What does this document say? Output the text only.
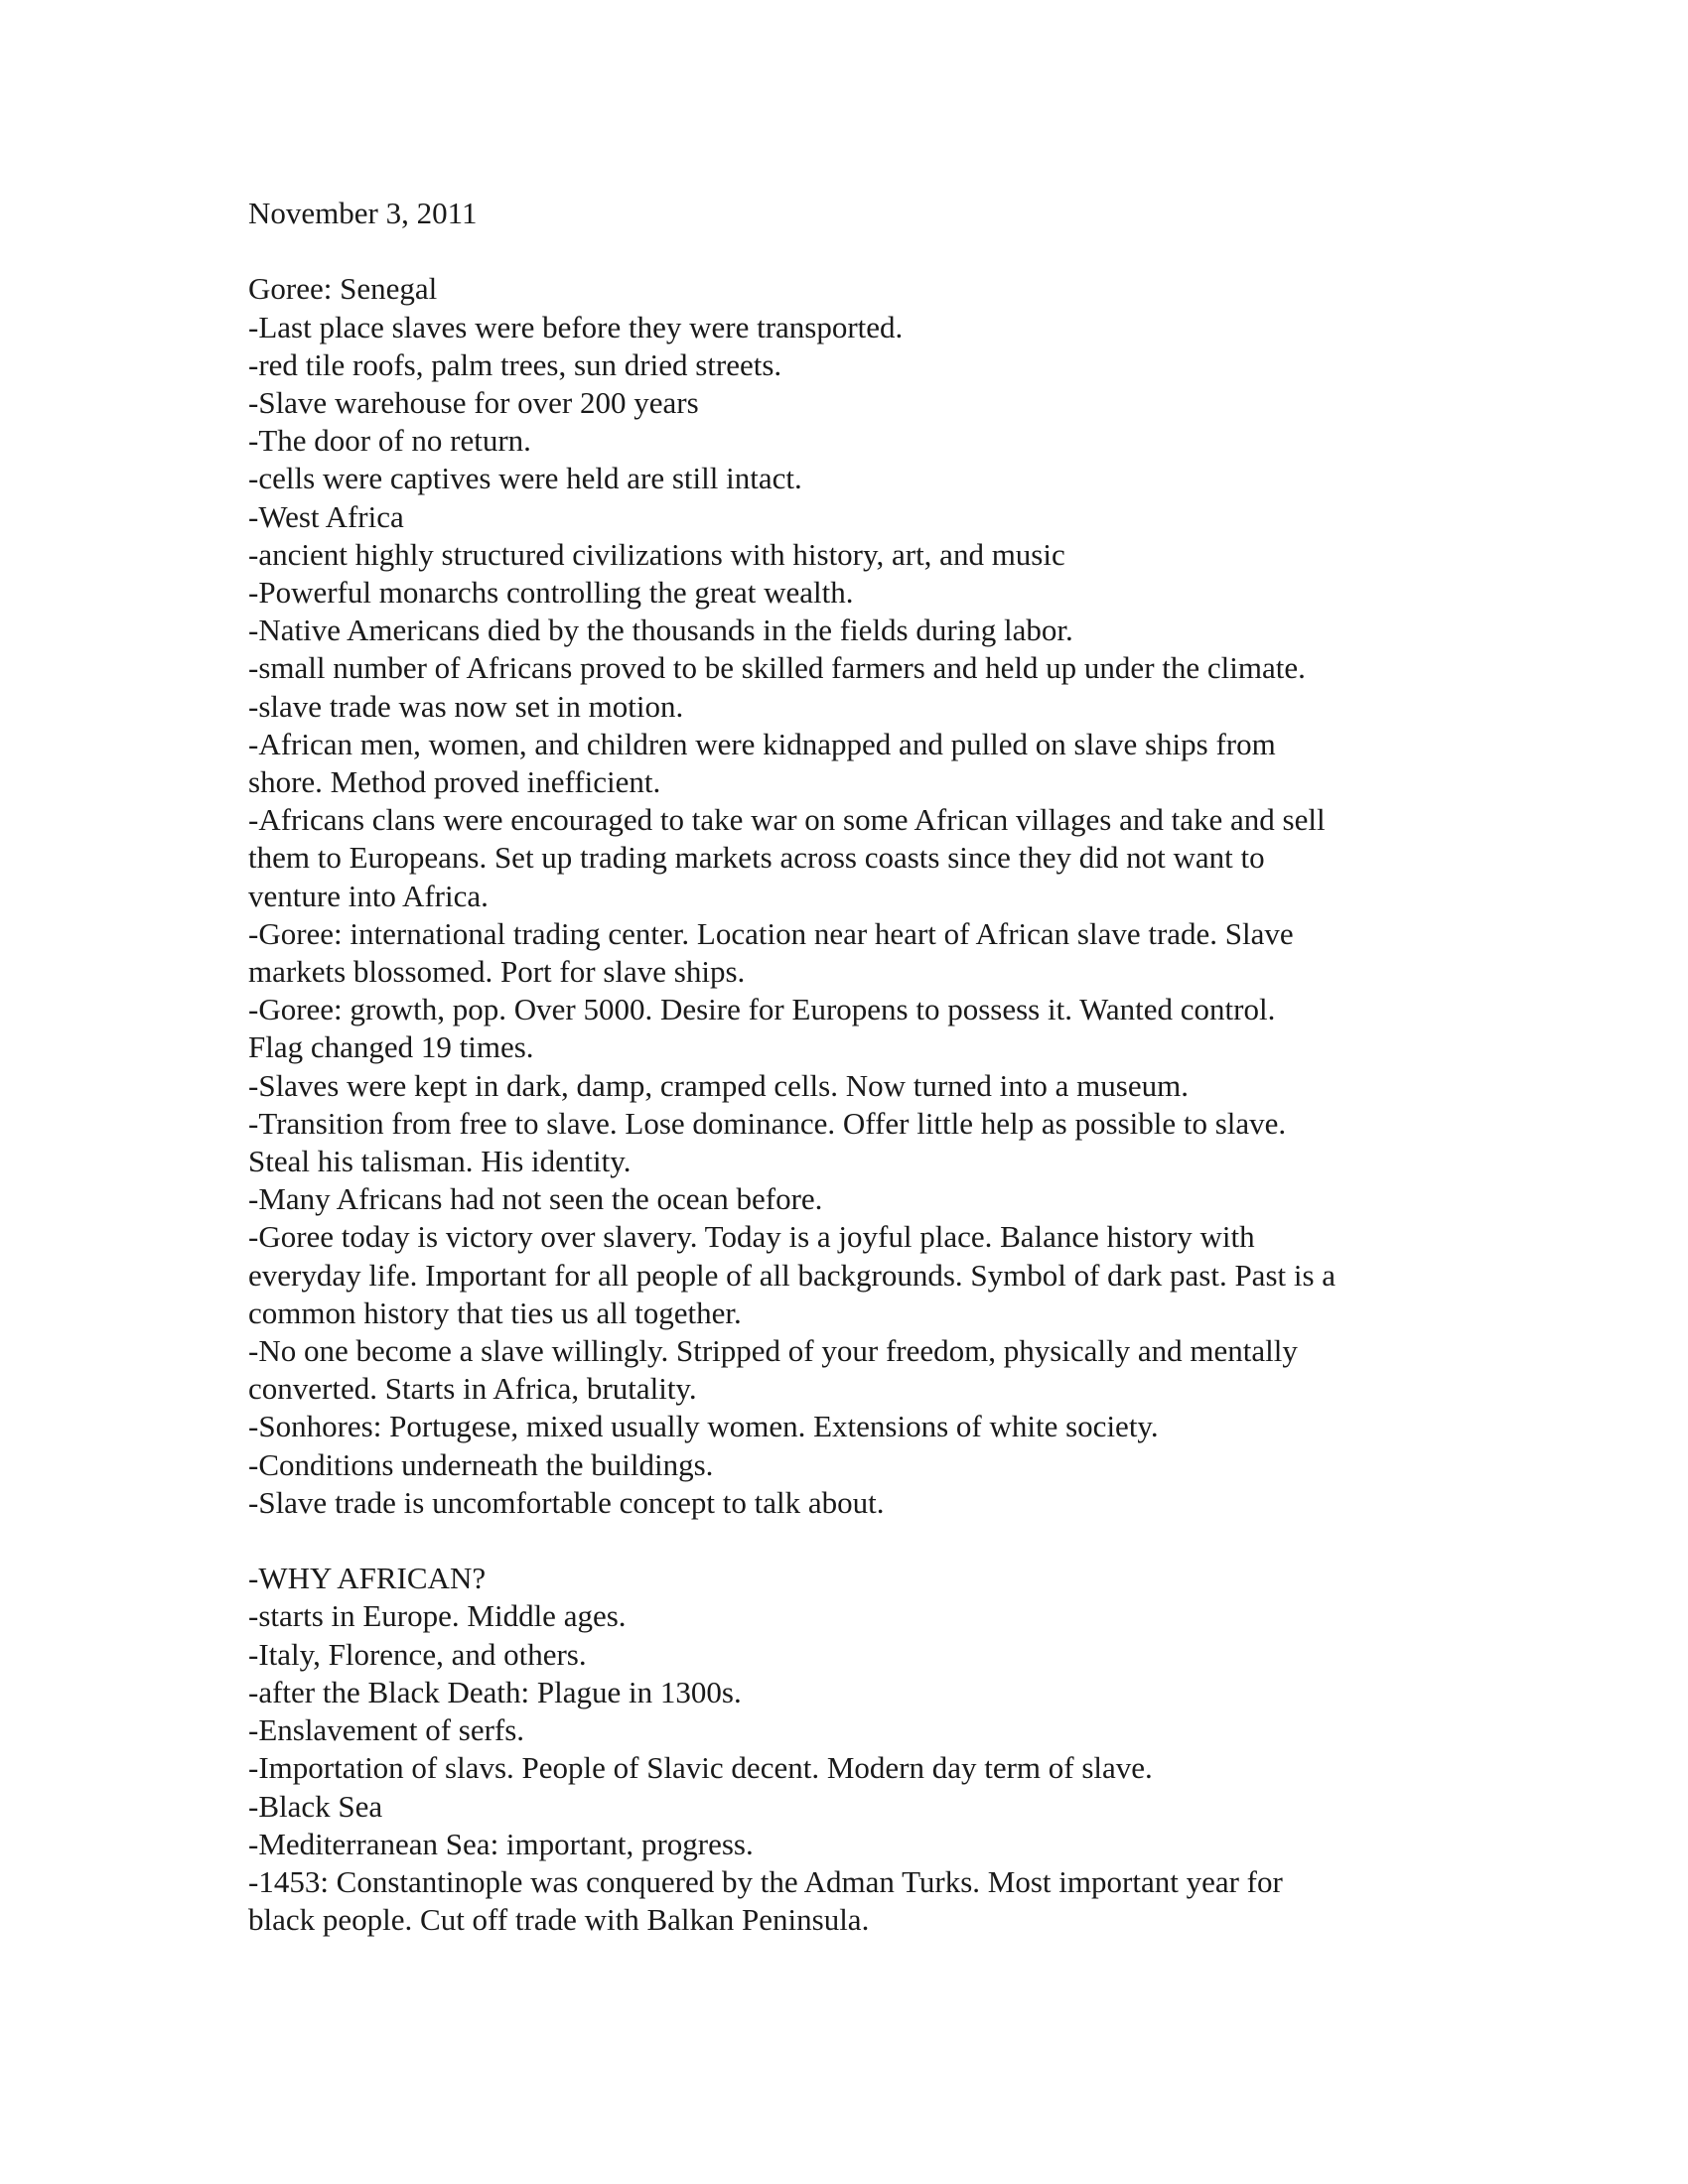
November 3, 2011

Goree: Senegal

-Last place slaves were before they were transported.

-red tile roofs, palm trees, sun dried streets.

-Slave warehouse for over 200 years

-The door of no return.

-cells were captives were held are still intact.

-West Africa

-ancient highly structured civilizations with history, art, and music

-Powerful monarchs controlling the great wealth.

-Native Americans died by the thousands in the fields during labor.

-small number of Africans proved to be skilled farmers and held up under the climate.

-slave trade was now set in motion.

-African men, women, and children were kidnapped and pulled on slave ships from

shore. Method proved inefficient.

-Africans clans were encouraged to take war on some African villages and take and sell

them to Europeans. Set up trading markets across coasts since they did not want to

venture into Africa.

-Goree: international trading center. Location near heart of African slave trade. Slave

markets blossomed. Port for slave ships.

-Goree: growth, pop. Over 5000. Desire for Europens to possess it. Wanted control.

Flag changed 19 times.

-Slaves were kept in dark, damp, cramped cells. Now turned into a museum.

-Transition from free to slave. Lose dominance. Offer little help as possible to slave.

Steal his talisman. His identity.

-Many Africans had not seen the ocean before.

-Goree today is victory over slavery. Today is a joyful place. Balance history with

everyday life. Important for all people of all backgrounds. Symbol of dark past. Past is a

common history that ties us all together.

-No one become a slave willingly. Stripped of your freedom, physically and mentally

converted. Starts in Africa, brutality.

-Sonhores: Portugese, mixed usually women. Extensions of white society.

-Conditions underneath the buildings.

-Slave trade is uncomfortable concept to talk about.

-WHY AFRICAN?

-starts in Europe. Middle ages.

-Italy, Florence, and others.

-after the Black Death: Plague in 1300s.

-Enslavement of serfs.

-Importation of slavs. People of Slavic decent. Modern day term of slave.

-Black Sea

-Mediterranean Sea: important, progress.

-1453: Constantinople was conquered by the Adman Turks. Most important year for

black people. Cut off trade with Balkan Peninsula.
